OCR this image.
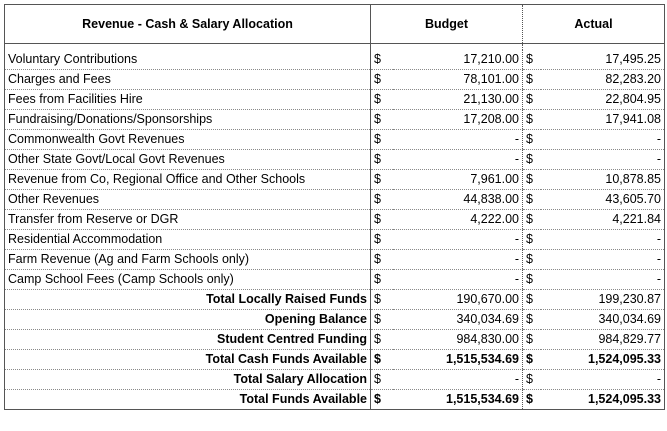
Revenue - Cash & Salary Allocation	Budget		Actual	

Voluntary Contributions	$	17,210.00	$	17,495.25
Charges and Fees	$	78,101.00	$	82,283.20
Fees from Facilities Hire	$	21,130.00	$	22,804.95
Fundraising/Donations/Sponsorships	$	17,208.00	$	17,941.08
Commonwealth Govt Revenues	$	-	$	-
Other State Govt/Local Govt Revenues	$	-	$	-
Revenue from Co, Regional Office and Other Schools	$	7,961.00	$	10,878.85
Other Revenues	$	44,838.00	$	43,605.70
Transfer from Reserve or DGR	$	4,222.00	$	4,221.84
Residential Accommodation	$	-	$	-
Farm Revenue (Ag and Farm Schools only)	$	-	$	-
Camp School Fees (Camp Schools only)	$	-	$	-
Total Locally Raised Funds	$	190,670.00	$	199,230.87
Opening Balance	$	340,034.69	$	340,034.69
Student Centred Funding	$	984,830.00	$	984,829.77
Total Cash Funds Available	$	1,515,534.69	$	1,524,095.33
Total Salary Allocation	$	-	$	-
Total Funds Available	$	1,515,534.69	$	1,524,095.33
